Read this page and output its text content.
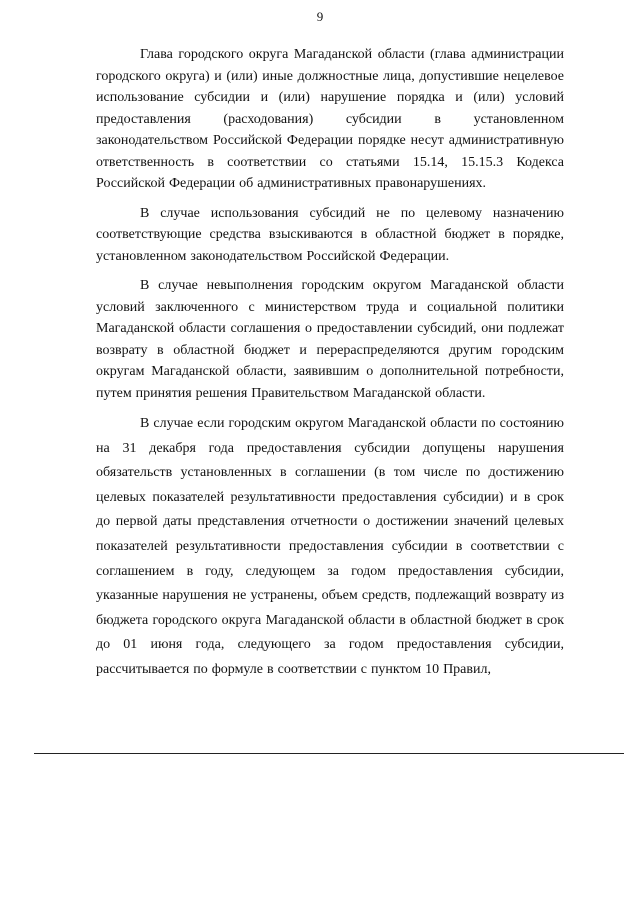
9

Глава городского округа Магаданской области (глава администрации городского округа) и (или) иные должностные лица, допустившие нецелевое использование субсидии и (или) нарушение порядка и (или) условий предоставления (расходования) субсидии в установленном законодательством Российской Федерации порядке несут административную ответственность в соответствии со статьями 15.14, 15.15.3 Кодекса Российской Федерации об административных правонарушениях.

В случае использования субсидий не по целевому назначению соответствующие средства взыскиваются в областной бюджет в порядке, установленном законодательством Российской Федерации.

В случае невыполнения городским округом Магаданской области условий заключенного с министерством труда и социальной политики Магаданской области соглашения о предоставлении субсидий, они подлежат возврату в областной бюджет и перераспределяются другим городским округам Магаданской области, заявившим о дополнительной потребности, путем принятия решения Правительством Магаданской области.

В случае если городским округом Магаданской области по состоянию на 31 декабря года предоставления субсидии допущены нарушения обязательств установленных в соглашении (в том числе по достижению целевых показателей результативности предоставления субсидии) и в срок до первой даты представления отчетности о достижении значений целевых показателей результативности предоставления субсидии в соответствии с соглашением в году, следующем за годом предоставления субсидии, указанные нарушения не устранены, объем средств, подлежащий возврату из бюджета городского округа Магаданской области в областной бюджет в срок до 01 июня года, следующего за годом предоставления субсидии, рассчитывается по формуле в соответствии с пунктом 10 Правил,
